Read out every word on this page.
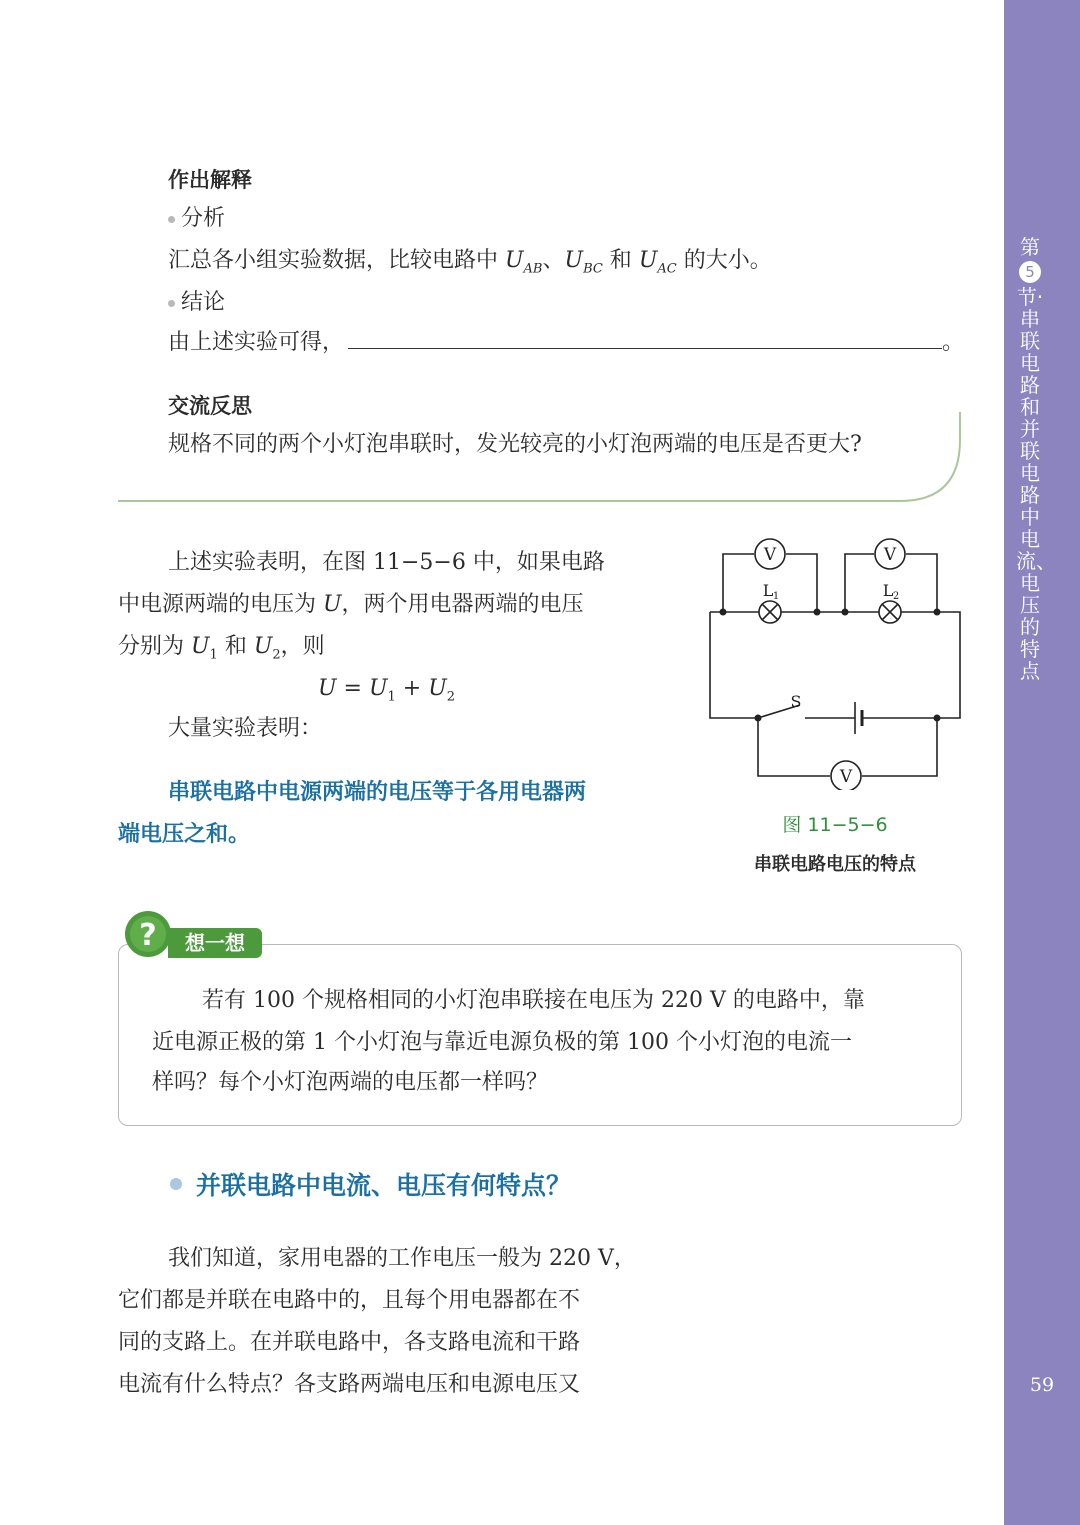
第
5
节·串联电路和并联电路中电流、电压的特点
59
作出解释
分析
汇总各小组实验数据，比较电路中 $U_{AB}$、$U_{BC}$ 和 $U_{AC}$ 的大小。
结论
由上述实验可得，	。
交流反思
规格不同的两个小灯泡串联时，发光较亮的小灯泡两端的电压是否更大?
上述实验表明，在图 11−5−6 中，如果电路
中电源两端的电压为 U，两个用电器两端的电压
分别为 $U_1$ 和 $U_2$，则
$U = U_1 + U_2$
大量实验表明：
串联电路中电源两端的电压等于各用电器两
端电压之和。
V	V
V
L 1	L 2
S
图 11−5−6
串联电路电压的特点
?	想一想
若有 100 个规格相同的小灯泡串联接在电压为 220 V 的电路中，靠
近电源正极的第 1 个小灯泡与靠近电源负极的第 100 个小灯泡的电流一
样吗？每个小灯泡两端的电压都一样吗？
并联电路中电流、电压有何特点？
我们知道，家用电器的工作电压一般为 220 V，
它们都是并联在电路中的，且每个用电器都在不
同的支路上。在并联电路中，各支路电流和干路
电流有什么特点？各支路两端电压和电源电压又
